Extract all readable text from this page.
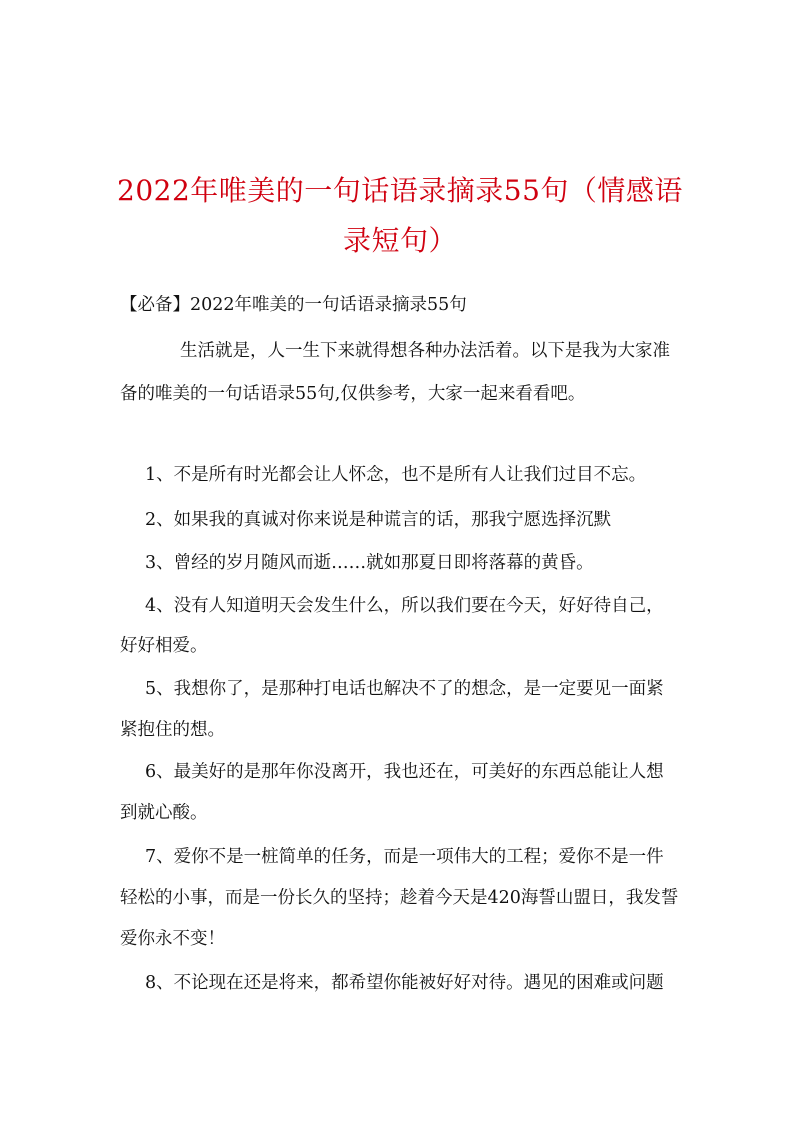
2022年唯美的一句话语录摘录55句（情感语
录短句）
【必备】2022年唯美的一句话语录摘录55句
生活就是，人一生下来就得想各种办法活着。以下是我为大家准
备的唯美的一句话语录55句,仅供参考，大家一起来看看吧。
1、不是所有时光都会让人怀念，也不是所有人让我们过目不忘。
2、如果我的真诚对你来说是种谎言的话，那我宁愿选择沉默
3、曾经的岁月随风而逝……就如那夏日即将落幕的黄昏。
4、没有人知道明天会发生什么，所以我们要在今天，好好待自己，
好好相爱。
5、我想你了，是那种打电话也解决不了的想念，是一定要见一面紧
紧抱住的想。
6、最美好的是那年你没离开，我也还在，可美好的东西总能让人想
到就心酸。
7、爱你不是一桩简单的任务，而是一项伟大的工程；爱你不是一件
轻松的小事，而是一份长久的坚持；趁着今天是420海誓山盟日，我发誓
爱你永不变！
8、不论现在还是将来，都希望你能被好好对待。遇见的困难或问题
